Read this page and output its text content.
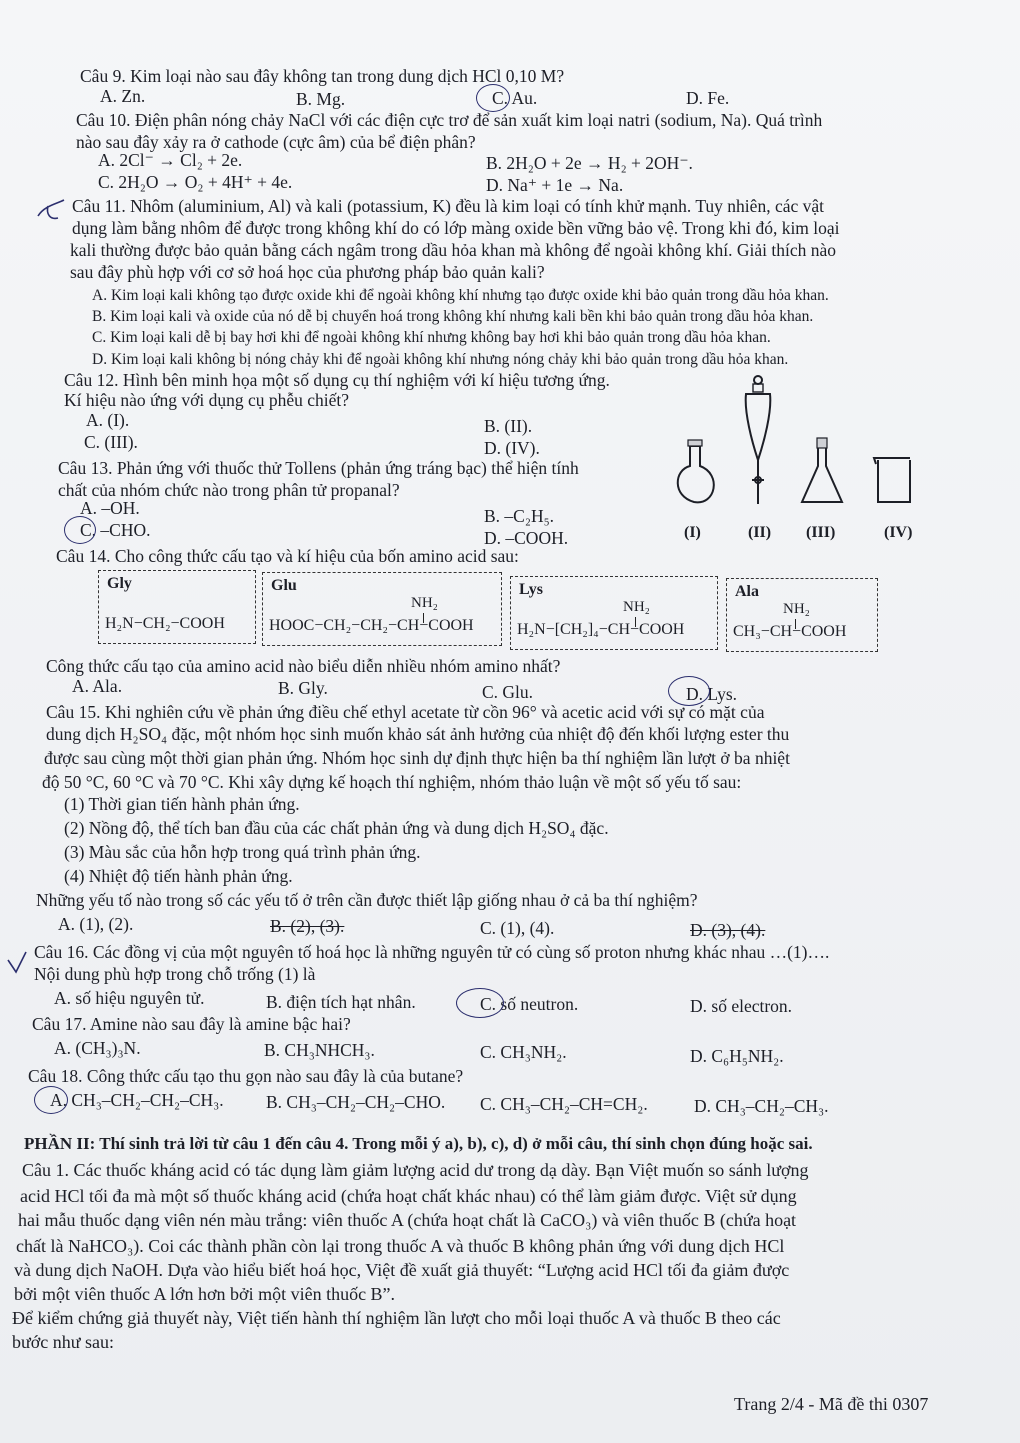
Câu 9. Kim loại nào sau đây không tan trong dung dịch HCl 0,10 M?
A. Zn.	B. Mg.	C. Au.	D. Fe.
Câu 10. Điện phân nóng chảy NaCl với các điện cực trơ để sản xuất kim loại natri (sodium, Na). Quá trình
nào sau đây xảy ra ở cathode (cực âm) của bể điện phân?
A. 2Cl⁻ → Cl₂ + 2e.	B. 2H₂O + 2e → H₂ + 2OH⁻.
C. 2H₂O → O₂ + 4H⁺ + 4e.	D. Na⁺ + 1e → Na.
Câu 11. Nhôm (aluminium, Al) và kali (potassium, K) đều là kim loại có tính khử mạnh. Tuy nhiên, các vật
dụng làm bằng nhôm để được trong không khí do có lớp màng oxide bền vững bảo vệ. Trong khi đó, kim loại
kali thường được bảo quản bằng cách ngâm trong dầu hỏa khan mà không để ngoài không khí. Giải thích nào
sau đây phù hợp với cơ sở hoá học của phương pháp bảo quản kali?
A. Kim loại kali không tạo được oxide khi để ngoài không khí nhưng tạo được oxide khi bảo quản trong dầu hỏa khan.
B. Kim loại kali và oxide của nó dễ bị chuyển hoá trong không khí nhưng kali bền khi bảo quản trong dầu hỏa khan.
C. Kim loại kali dễ bị bay hơi khi để ngoài không khí nhưng không bay hơi khi bảo quản trong dầu hỏa khan.
D. Kim loại kali không bị nóng chảy khi để ngoài không khí nhưng nóng chảy khi bảo quản trong dầu hỏa khan.
Câu 12. Hình bên minh họa một số dụng cụ thí nghiệm với kí hiệu tương ứng.
Kí hiệu nào ứng với dụng cụ phễu chiết?
A. (I).	B. (II).
C. (III).	D. (IV).
(I)	(II) (III)	(IV)
Câu 13. Phản ứng với thuốc thử Tollens (phản ứng tráng bạc) thể hiện tính
chất của nhóm chức nào trong phân tử propanal?
A. –OH.	B. –C₂H₅.
C. –CHO.	D. –COOH.
Câu 14. Cho công thức cấu tạo và kí hiệu của bốn amino acid sau:
Gly
H₂N−CH₂−COOH
Glu
NH₂
HOOC−CH₂−CH₂−CH−COOH
Lys
NH₂
H₂N−[CH₂]₄−CH−COOH
Ala
NH₂
CH₃−CH−COOH
Công thức cấu tạo của amino acid nào biểu diễn nhiều nhóm amino nhất?
A. Ala.	B. Gly.	C. Glu.	D. Lys.
Câu 15. Khi nghiên cứu về phản ứng điều chế ethyl acetate từ cồn 96° và acetic acid với sự có mặt của
dung dịch H₂SO₄ đặc, một nhóm học sinh muốn khảo sát ảnh hưởng của nhiệt độ đến khối lượng ester thu
được sau cùng một thời gian phản ứng. Nhóm học sinh dự định thực hiện ba thí nghiệm lần lượt ở ba nhiệt
độ 50 °C, 60 °C và 70 °C. Khi xây dựng kế hoạch thí nghiệm, nhóm thảo luận về một số yếu tố sau:
(1) Thời gian tiến hành phản ứng.
(2) Nồng độ, thể tích ban đầu của các chất phản ứng và dung dịch H₂SO₄ đặc.
(3) Màu sắc của hỗn hợp trong quá trình phản ứng.
(4) Nhiệt độ tiến hành phản ứng.
Những yếu tố nào trong số các yếu tố ở trên cần được thiết lập giống nhau ở cả ba thí nghiệm?
A. (1), (2).	B. (2), (3).	C. (1), (4).	D. (3), (4).
Câu 16. Các đồng vị của một nguyên tố hoá học là những nguyên tử có cùng số proton nhưng khác nhau …(1)….
Nội dung phù hợp trong chỗ trống (1) là
A. số hiệu nguyên tử.	B. điện tích hạt nhân.	C. số neutron.	D. số electron.
Câu 17. Amine nào sau đây là amine bậc hai?
A. (CH₃)₃N.	B. CH₃NHCH₃.	C. CH₃NH₂.	D. C₆H₅NH₂.
Câu 18. Công thức cấu tạo thu gọn nào sau đây là của butane?
A. CH₃–CH₂–CH₂–CH₃. B. CH₃–CH₂–CH₂–CHO. C. CH₃–CH₂–CH=CH₂.	D. CH₃–CH₂–CH₃.
PHẦN II: Thí sinh trả lời từ câu 1 đến câu 4. Trong mỗi ý a), b), c), d) ở mỗi câu, thí sinh chọn đúng hoặc sai.
Câu 1. Các thuốc kháng acid có tác dụng làm giảm lượng acid dư trong dạ dày. Bạn Việt muốn so sánh lượng
acid HCl tối đa mà một số thuốc kháng acid (chứa hoạt chất khác nhau) có thể làm giảm được. Việt sử dụng
hai mẫu thuốc dạng viên nén màu trắng: viên thuốc A (chứa hoạt chất là CaCO₃) và viên thuốc B (chứa hoạt
chất là NaHCO₃). Coi các thành phần còn lại trong thuốc A và thuốc B không phản ứng với dung dịch HCl
và dung dịch NaOH. Dựa vào hiểu biết hoá học, Việt đề xuất giả thuyết: “Lượng acid HCl tối đa giảm được
bởi một viên thuốc A lớn hơn bởi một viên thuốc B”.
Để kiểm chứng giả thuyết này, Việt tiến hành thí nghiệm lần lượt cho mỗi loại thuốc A và thuốc B theo các
bước như sau:
Trang 2/4 - Mã đề thi 0307
